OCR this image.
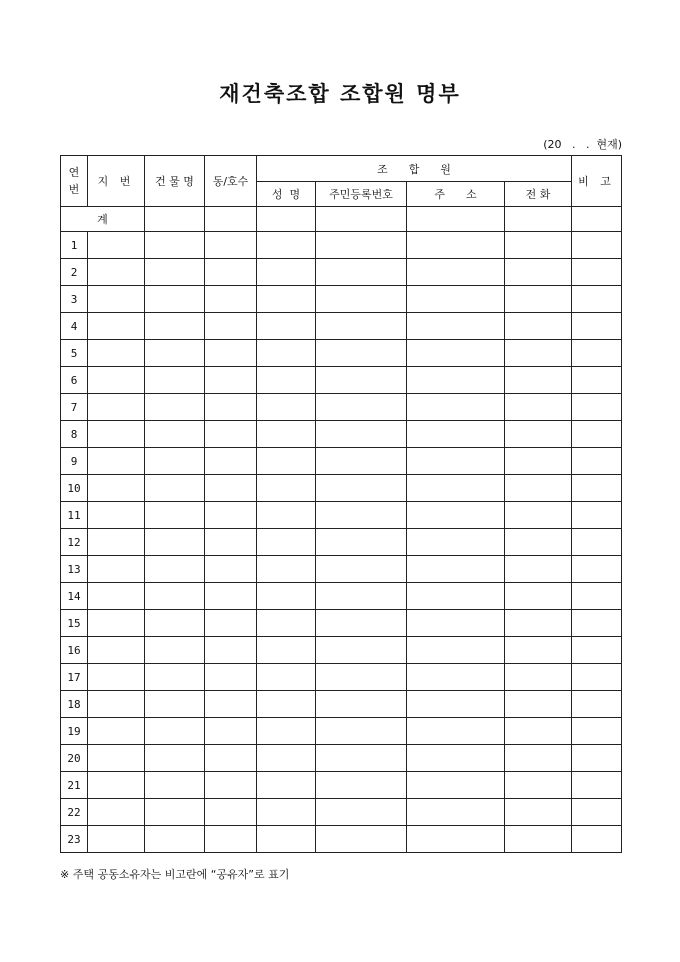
재건축조합 조합원 명부
(20   .   .  현재)
연
번	지 번	건 물 명	동/호수	조      합      원				비 고
				성  명	주민등록번호	주      소	전 화	
계								
1								
2								
3								
4								
5								
6								
7								
8								
9								
10								
11								
12								
13								
14								
15								
16								
17								
18								
19								
20								
21								
22								
23								
※ 주택 공동소유자는 비고란에 “공유자”로 표기
